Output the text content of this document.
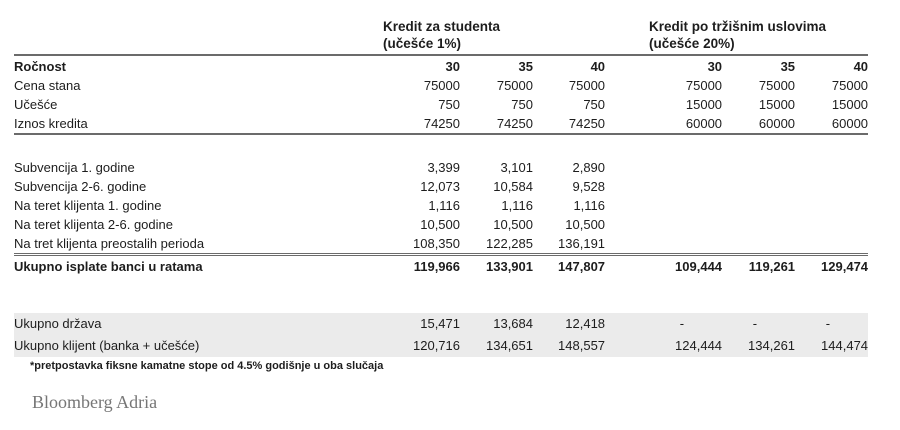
Kredit za studenta
(učešće 1%)

Kredit po tržišnim uslovima
(učešće 20%)

Ročnost	30	35	40	30	35	40
Cena stana	75000	75000	75000	75000	75000	75000
Učešće	750	750	750	15000	15000	15000
Iznos kredita	74250	74250	74250	60000	60000	60000

Subvencija 1. godine	3,399	3,101	2,890			
Subvencija 2-6. godine	12,073	10,584	9,528			
Na teret klijenta 1. godine	1,116	1,116	1,116			
Na teret klijenta 2-6. godine	10,500	10,500	10,500			
Na tret klijenta preostalih perioda	108,350	122,285	136,191			
Ukupno isplate banci u ratama	119,966	133,901	147,807	109,444	119,261	129,474

Ukupno država	15,471	13,684	12,418	-	-	-
Ukupno klijent (banka + učešće)	120,716	134,651	148,557	124,444	134,261	144,474
*pretpostavka fiksne kamatne stope od 4.5% godišnje u oba slučaja
Bloomberg Adria
